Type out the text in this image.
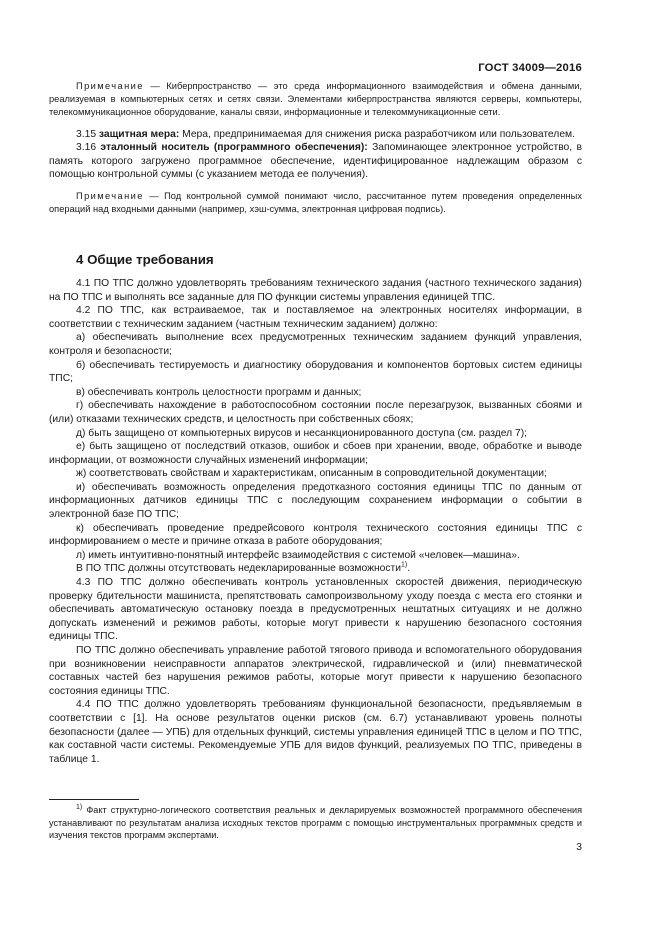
ГОСТ 34009—2016

Примечание — Киберпространство — это среда информационного взаимодействия и обмена данными, реализуемая в компьютерных сетях и сетях связи. Элементами киберпространства являются серверы, компьютеры, телекоммуникационное оборудование, каналы связи, информационные и телекоммуникационные сети.

3.15 защитная мера: Мера, предпринимаемая для снижения риска разработчиком или пользователем.

3.16 эталонный носитель (программного обеспечения): Запоминающее электронное устройство, в память которого загружено программное обеспечение, идентифицированное надлежащим образом с помощью контрольной суммы (с указанием метода ее получения).

Примечание — Под контрольной суммой понимают число, рассчитанное путем проведения определенных операций над входными данными (например, хэш-сумма, электронная цифровая подпись).

4 Общие требования

4.1 ПО ТПС должно удовлетворять требованиям технического задания (частного технического задания) на ПО ТПС и выполнять все заданные для ПО функции системы управления единицей ТПС.

4.2 ПО ТПС, как встраиваемое, так и поставляемое на электронных носителях информации, в соответствии с техническим заданием (частным техническим заданием) должно:

а) обеспечивать выполнение всех предусмотренных техническим заданием функций управления, контроля и безопасности;

б) обеспечивать тестируемость и диагностику оборудования и компонентов бортовых систем единицы ТПС;

в) обеспечивать контроль целостности программ и данных;

г) обеспечивать нахождение в работоспособном состоянии после перезагрузок, вызванных сбоями и (или) отказами технических средств, и целостность при собственных сбоях;

д) быть защищено от компьютерных вирусов и несанкционированного доступа (см. раздел 7);

е) быть защищено от последствий отказов, ошибок и сбоев при хранении, вводе, обработке и выводе информации, от возможности случайных изменений информации;

ж) соответствовать свойствам и характеристикам, описанным в сопроводительной документации;

и) обеспечивать возможность определения предотказного состояния единицы ТПС по данным от информационных датчиков единицы ТПС с последующим сохранением информации о событии в электронной базе ПО ТПС;

к) обеспечивать проведение предрейсового контроля технического состояния единицы ТПС с информированием о месте и причине отказа в работе оборудования;

л) иметь интуитивно-понятный интерфейс взаимодействия с системой «человек—машина».

В ПО ТПС должны отсутствовать недекларированные возможности$^{1)}$.

4.3 ПО ТПС должно обеспечивать контроль установленных скоростей движения, периодическую проверку бдительности машиниста, препятствовать самопроизвольному уходу поезда с места его стоянки и обеспечивать автоматическую остановку поезда в предусмотренных нештатных ситуациях и не должно допускать изменений и режимов работы, которые могут привести к нарушению безопасного состояния единицы ТПС.

ПО ТПС должно обеспечивать управление работой тягового привода и вспомогательного оборудования при возникновении неисправности аппаратов электрической, гидравлической и (или) пневматической составных частей без нарушения режимов работы, которые могут привести к нарушению безопасного состояния единицы ТПС.

4.4 ПО ТПС должно удовлетворять требованиям функциональной безопасности, предъявляемым в соответствии с [1]. На основе результатов оценки рисков (см. 6.7) устанавливают уровень полноты безопасности (далее — УПБ) для отдельных функций, системы управления единицей ТПС в целом и ПО ТПС, как составной части системы. Рекомендуемые УПБ для видов функций, реализуемых ПО ТПС, приведены в таблице 1.

$^{1)}$ Факт структурно-логического соответствия реальных и декларируемых возможностей программного обеспечения устанавливают по результатам анализа исходных текстов программ с помощью инструментальных программных средств и изучения текстов программ экспертами.

3
